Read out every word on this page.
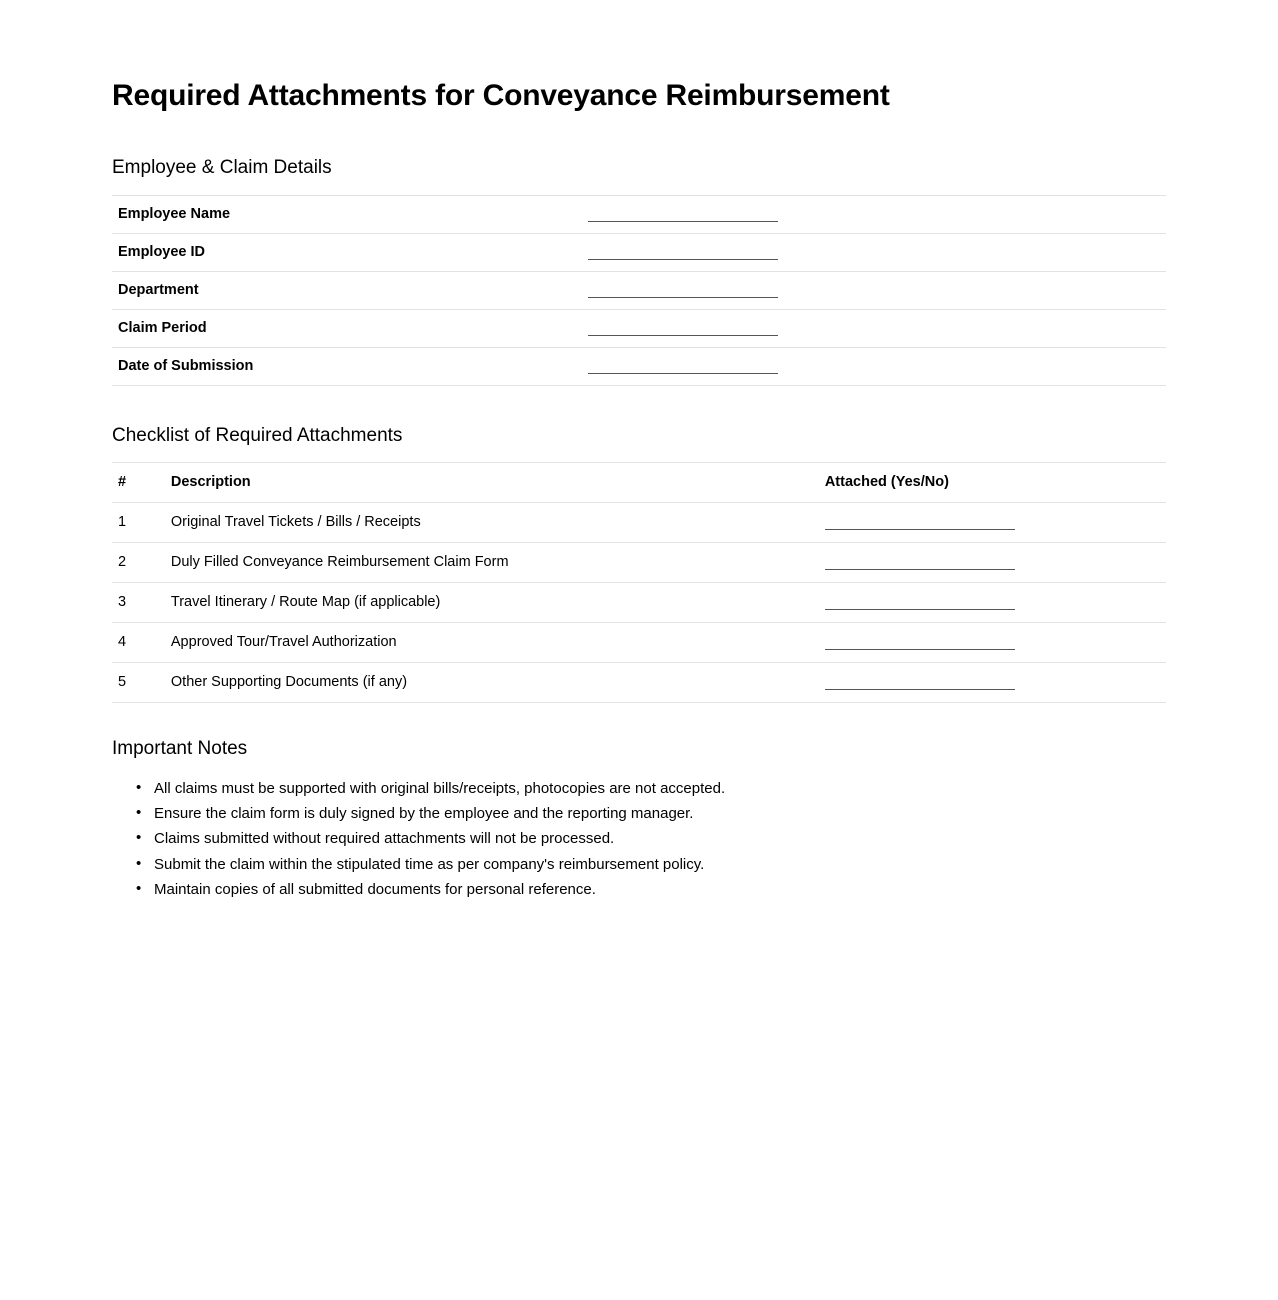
Required Attachments for Conveyance Reimbursement
Employee & Claim Details
Employee Name	

Employee ID	

Department	

Claim Period	

Date of Submission	
Checklist of Required Attachments
#	Description	Attached (Yes/No)
1	Original Travel Tickets / Bills / Receipts	

2	Duly Filled Conveyance Reimbursement Claim Form	

3	Travel Itinerary / Route Map (if applicable)	

4	Approved Tour/Travel Authorization	

5	Other Supporting Documents (if any)	
Important Notes
• All claims must be supported with original bills/receipts, photocopies are not accepted.
• Ensure the claim form is duly signed by the employee and the reporting manager.
• Claims submitted without required attachments will not be processed.
• Submit the claim within the stipulated time as per company's reimbursement policy.
• Maintain copies of all submitted documents for personal reference.
